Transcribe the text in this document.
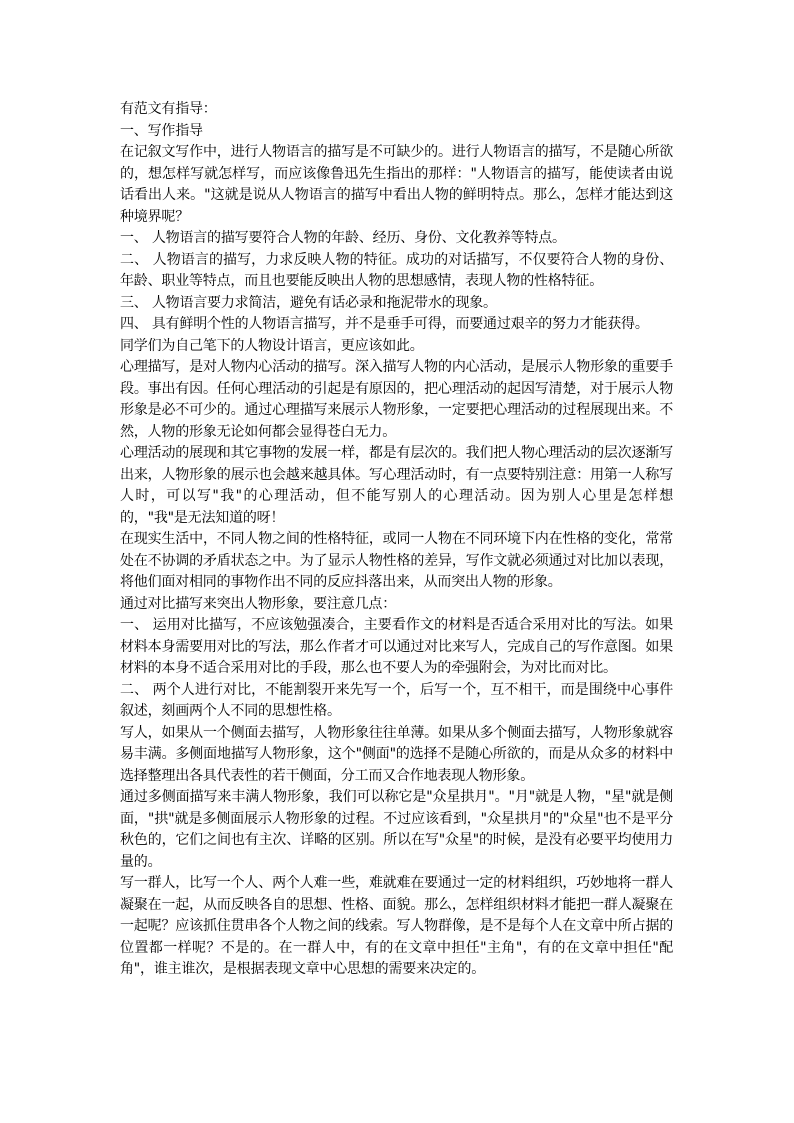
有范文有指导：

一、写作指导

在记叙文写作中，进行人物语言的描写是不可缺少的。进行人物语言的描写，不是随心所欲的，想怎样写就怎样写，而应该像鲁迅先生指出的那样："人物语言的描写，能使读者由说话看出人来。"这就是说从人物语言的描写中看出人物的鲜明特点。那么，怎样才能达到这种境界呢？

一、 人物语言的描写要符合人物的年龄、经历、身份、文化教养等特点。

二、 人物语言的描写，力求反映人物的特征。成功的对话描写，不仅要符合人物的身份、年龄、职业等特点，而且也要能反映出人物的思想感情，表现人物的性格特征。

三、 人物语言要力求简洁，避免有话必录和拖泥带水的现象。

四、 具有鲜明个性的人物语言描写，并不是垂手可得，而要通过艰辛的努力才能获得。

同学们为自己笔下的人物设计语言，更应该如此。

心理描写，是对人物内心活动的描写。深入描写人物的内心活动，是展示人物形象的重要手段。事出有因。任何心理活动的引起是有原因的，把心理活动的起因写清楚，对于展示人物形象是必不可少的。通过心理描写来展示人物形象，一定要把心理活动的过程展现出来。不然，人物的形象无论如何都会显得苍白无力。

心理活动的展现和其它事物的发展一样，都是有层次的。我们把人物心理活动的层次逐渐写出来，人物形象的展示也会越来越具体。写心理活动时，有一点要特别注意：用第一人称写人时，可以写"我"的心理活动，但不能写别人的心理活动。因为别人心里是怎样想的，"我"是无法知道的呀！

在现实生活中，不同人物之间的性格特征，或同一人物在不同环境下内在性格的变化，常常处在不协调的矛盾状态之中。为了显示人物性格的差异，写作文就必须通过对比加以表现，将他们面对相同的事物作出不同的反应抖落出来，从而突出人物的形象。

通过对比描写来突出人物形象，要注意几点：

一、 运用对比描写，不应该勉强凑合，主要看作文的材料是否适合采用对比的写法。如果材料本身需要用对比的写法，那么作者才可以通过对比来写人，完成自己的写作意图。如果材料的本身不适合采用对比的手段，那么也不要人为的牵强附会，为对比而对比。

二、 两个人进行对比，不能割裂开来先写一个，后写一个，互不相干，而是围绕中心事件叙述，刻画两个人不同的思想性格。

写人，如果从一个侧面去描写，人物形象往往单薄。如果从多个侧面去描写，人物形象就容易丰满。多侧面地描写人物形象，这个"侧面"的选择不是随心所欲的，而是从众多的材料中选择整理出各具代表性的若干侧面，分工而又合作地表现人物形象。

通过多侧面描写来丰满人物形象，我们可以称它是"众星拱月"。"月"就是人物，"星"就是侧面，"拱"就是多侧面展示人物形象的过程。不过应该看到，"众星拱月"的"众星"也不是平分秋色的，它们之间也有主次、详略的区别。所以在写"众星"的时候，是没有必要平均使用力量的。

写一群人，比写一个人、两个人难一些，难就难在要通过一定的材料组织，巧妙地将一群人凝聚在一起，从而反映各自的思想、性格、面貌。那么，怎样组织材料才能把一群人凝聚在一起呢？应该抓住贯串各个人物之间的线索。写人物群像，是不是每个人在文章中所占据的位置都一样呢？不是的。在一群人中，有的在文章中担任"主角"，有的在文章中担任"配角"，谁主谁次，是根据表现文章中心思想的需要来决定的。
